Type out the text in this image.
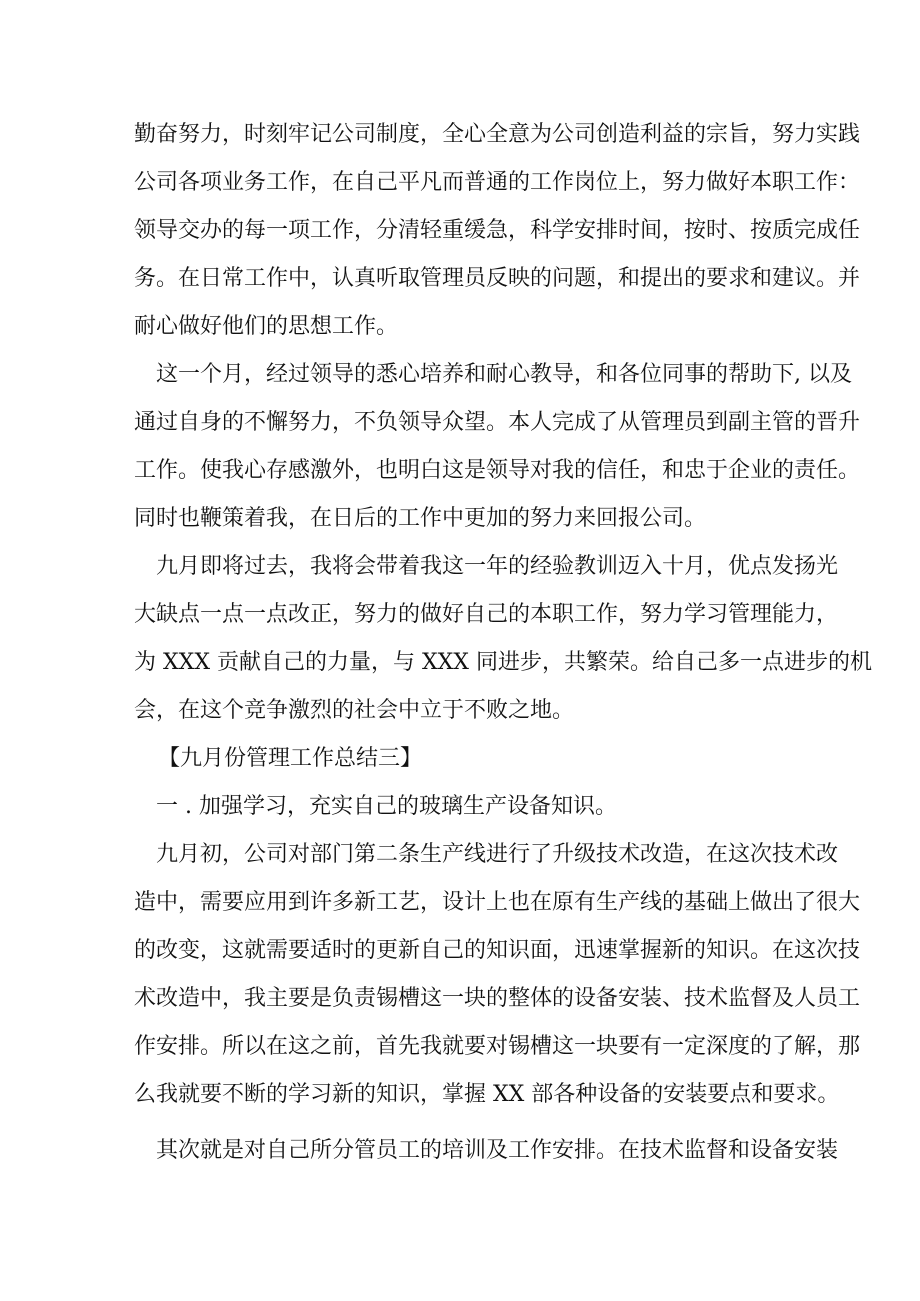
勤奋努力，时刻牢记公司制度，全心全意为公司创造利益的宗旨，努力实践

公司各项业务工作，在自己平凡而普通的工作岗位上，努力做好本职工作：

领导交办的每一项工作，分清轻重缓急，科学安排时间，按时、按质完成任

务。在日常工作中，认真听取管理员反映的问题，和提出的要求和建议。并

耐心做好他们的思想工作。

这一个月，经过领导的悉心培养和耐心教导，和各位同事的帮助下, 以及

通过自身的不懈努力，不负领导众望。本人完成了从管理员到副主管的晋升

工作。使我心存感激外，也明白这是领导对我的信任，和忠于企业的责任。

同时也鞭策着我，在日后的工作中更加的努力来回报公司。

九月即将过去，我将会带着我这一年的经验教训迈入十月，优点发扬光

大缺点一点一点改正，努力的做好自己的本职工作，努力学习管理能力，

为 XXX 贡献自己的力量，与 XXX 同进步，共繁荣。给自己多一点进步的机

会，在这个竞争激烈的社会中立于不败之地。

【九月份管理工作总结三】

一 . 加强学习，充实自己的玻璃生产设备知识。

九月初，公司对部门第二条生产线进行了升级技术改造，在这次技术改

造中，需要应用到许多新工艺，设计上也在原有生产线的基础上做出了很大

的改变，这就需要适时的更新自己的知识面，迅速掌握新的知识。在这次技

术改造中，我主要是负责锡槽这一块的整体的设备安装、技术监督及人员工

作安排。所以在这之前，首先我就要对锡槽这一块要有一定深度的了解，那

么我就要不断的学习新的知识，掌握 XX 部各种设备的安装要点和要求。

其次就是对自己所分管员工的培训及工作安排。在技术监督和设备安装
